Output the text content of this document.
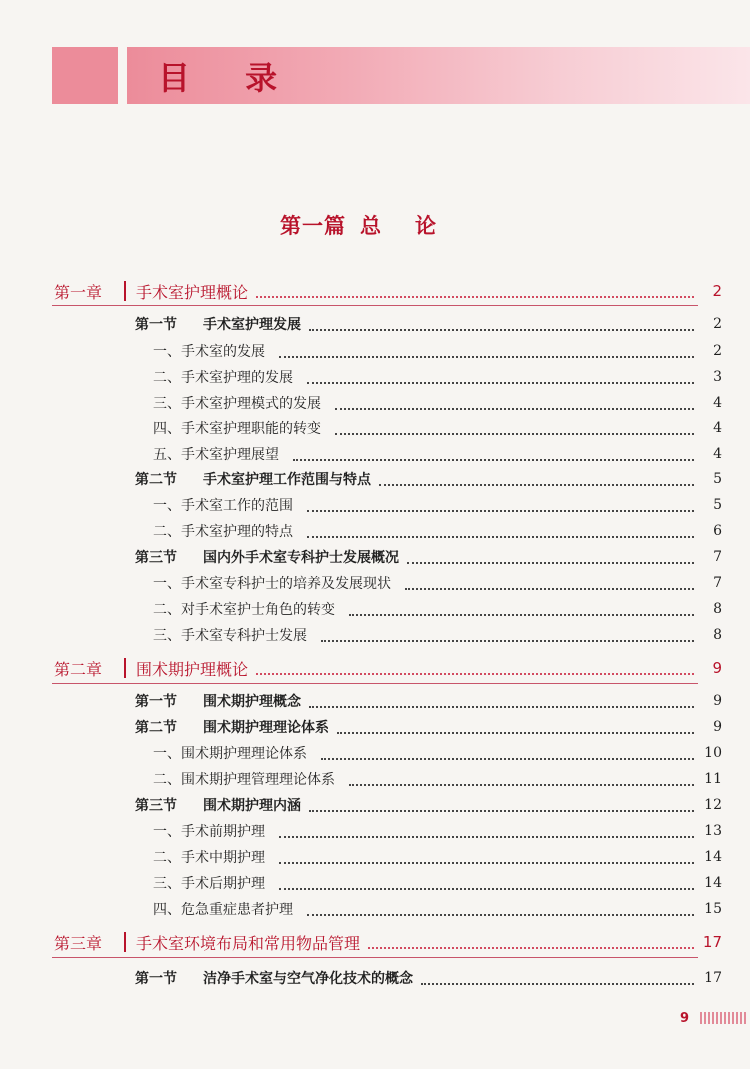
目 录
第一篇 总论
第一章	手术室护理概论	2
第一节	手术室护理发展	2
一、手术室的发展	2
二、手术室护理的发展	3
三、手术室护理模式的发展	4
四、手术室护理职能的转变	4
五、手术室护理展望	4
第二节	手术室护理工作范围与特点	5
一、手术室工作的范围	5
二、手术室护理的特点	6
第三节	国内外手术室专科护士发展概况	7
一、手术室专科护士的培养及发展现状	7
二、对手术室护士角色的转变	8
三、手术室专科护士发展	8
第二章	围术期护理概论	9
第一节	围术期护理概念	9
第二节	围术期护理理论体系	9
一、围术期护理理论体系	10
二、围术期护理管理理论体系	11
第三节	围术期护理内涵	12
一、手术前期护理	13
二、手术中期护理	14
三、手术后期护理	14
四、危急重症患者护理	15
第三章	手术室环境布局和常用物品管理	17
第一节	洁净手术室与空气净化技术的概念	17
9
